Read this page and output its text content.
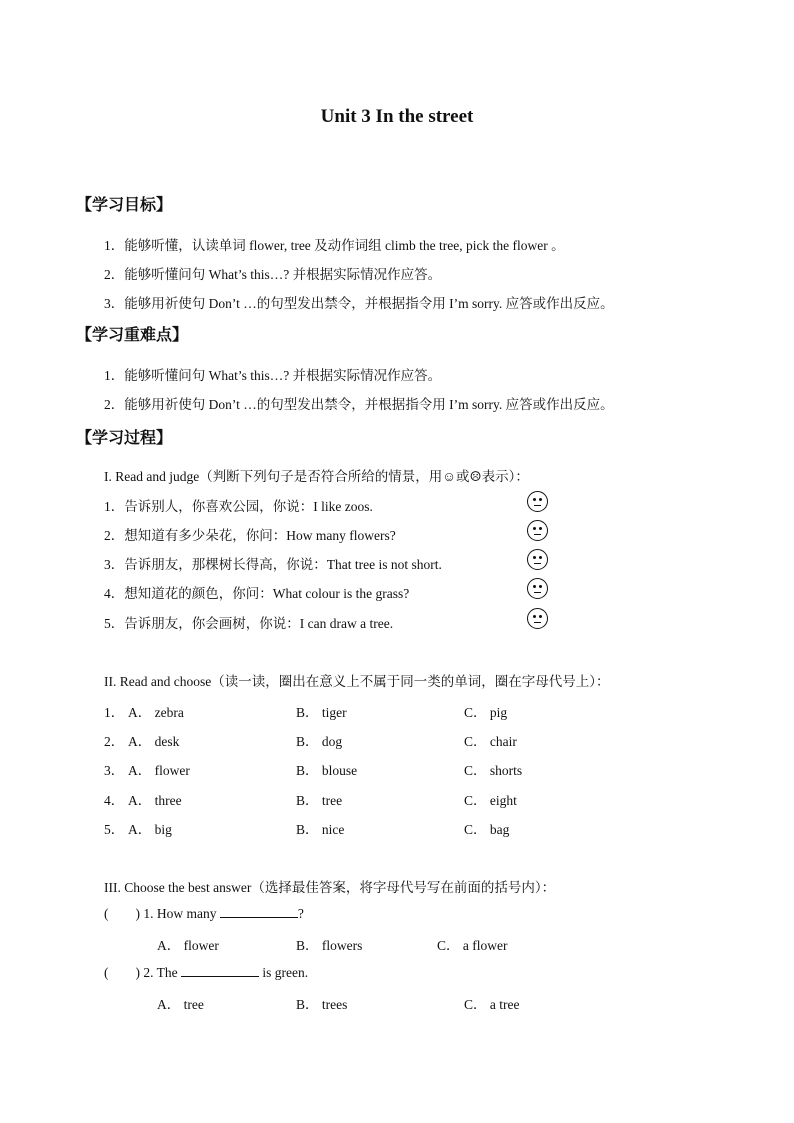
Unit 3 In the street
【学习目标】
1．能够听懂，认读单词 flower, tree 及动作词组 climb the tree, pick the flower 。
2．能够听懂问句 What’s this…? 并根据实际情况作应答。
3．能够用祈使句 Don’t …的句型发出禁令，并根据指令用 I’m sorry. 应答或作出反应。
【学习重难点】
1．能够听懂问句 What’s this…? 并根据实际情况作应答。
2．能够用祈使句 Don’t …的句型发出禁令，并根据指令用 I’m sorry. 应答或作出反应。
【学习过程】
I. Read and judge（判断下列句子是否符合所给的情景，用☺或☹表示）：
1．告诉别人，你喜欢公园，你说：I like zoos.
2．想知道有多少朵花，你问：How many flowers?
3．告诉朋友，那棵树长得高，你说：That tree is not short.
4．想知道花的颜色，你问：What colour is the grass?
5．告诉朋友，你会画树，你说：I can draw a tree.
II. Read and choose（读一读，圈出在意义上不属于同一类的单词，圈在字母代号上）：
1． A． zebra	B． tiger	C． pig
2． A． desk	B． dog	C． chair
3． A． flower	B． blouse	C． shorts
4． A． three	B． tree	C． eight
5． A． big	B． nice	C． bag
III. Choose the best answer（选择最佳答案，将字母代号写在前面的括号内）：
(        ) 1. How many	?
A． flower	B． flowers	C． a flower
(        ) 2. The	is green.
A． tree	B． trees	C． a tree
